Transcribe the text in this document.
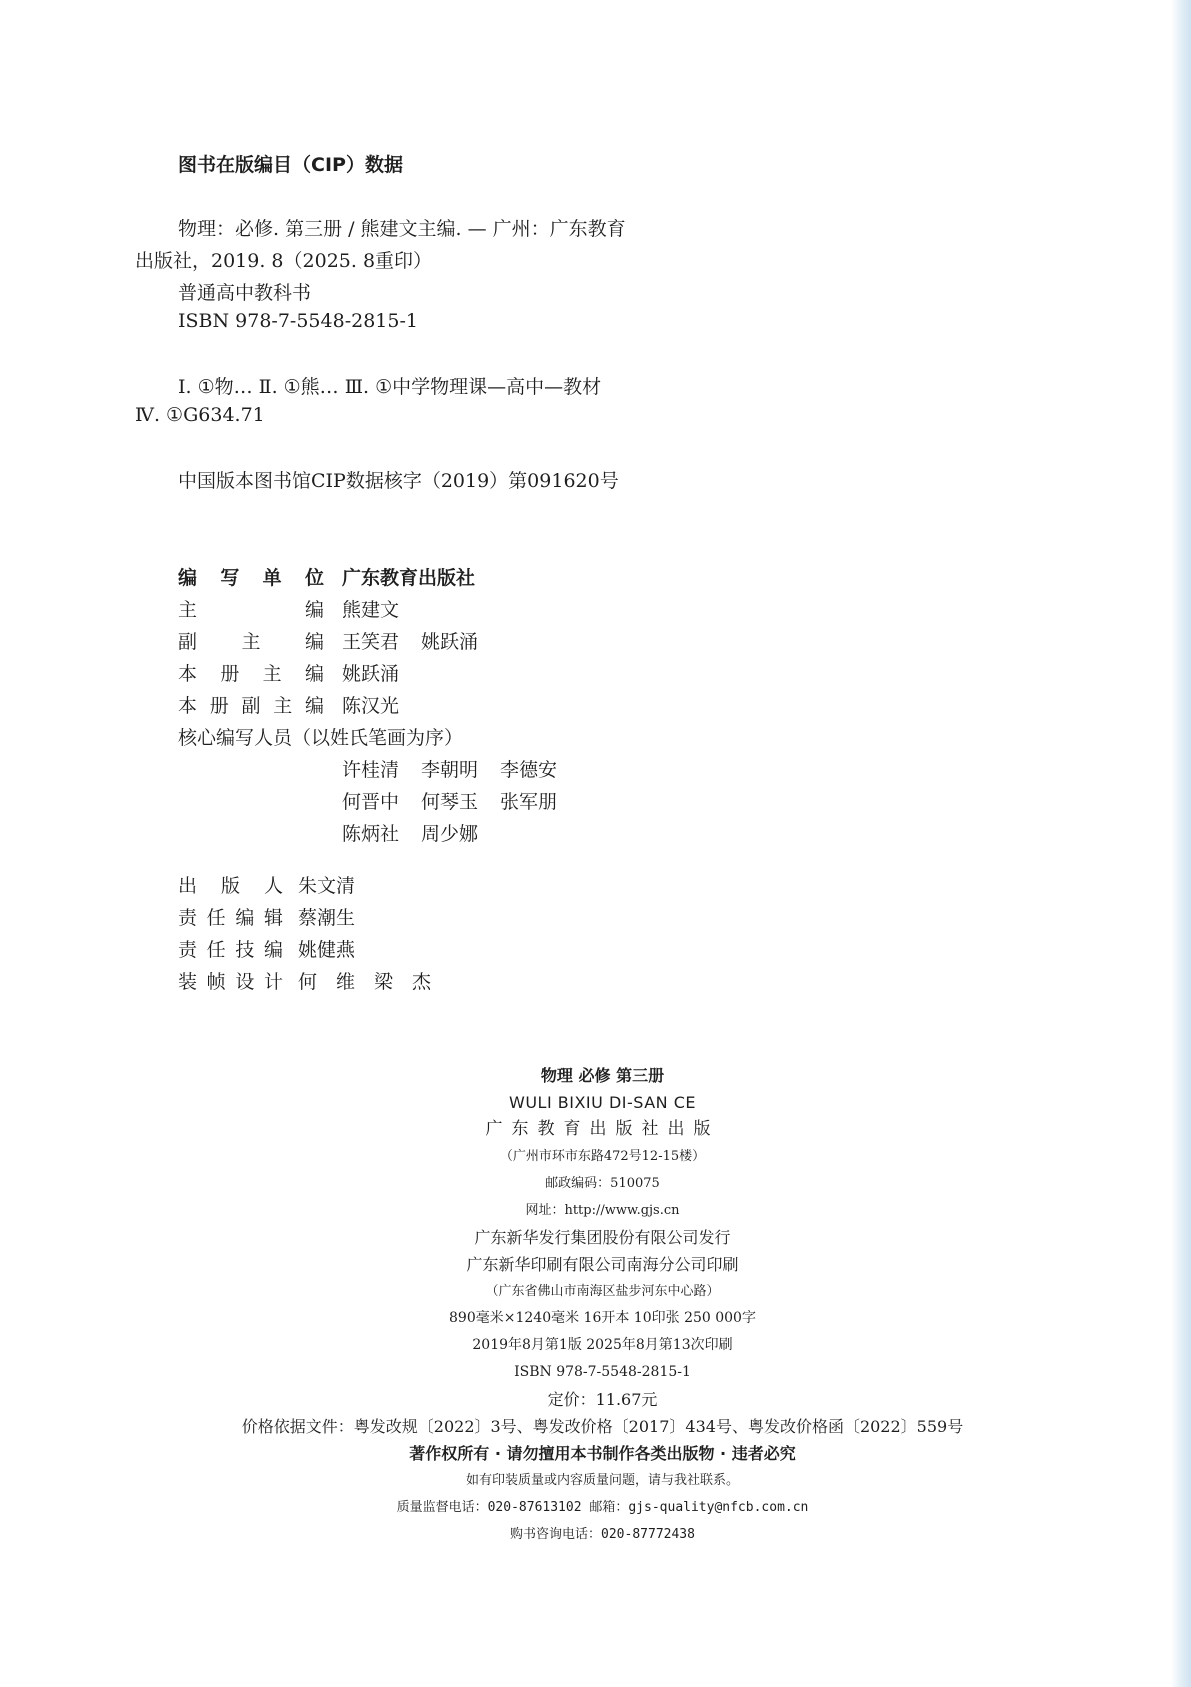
图书在版编目（CIP）数据
物理：必修. 第三册 / 熊建文主编. — 广州：广东教育
出版社，2019. 8（2025. 8重印）
普通高中教科书
ISBN 978-7-5548-2815-1
Ⅰ. ①物… Ⅱ. ①熊… Ⅲ. ①中学物理课—高中—教材
Ⅳ. ①G634.71
中国版本图书馆CIP数据核字（2019）第091620号
编 写 单 位 广东教育出版社
主	编 熊建文
副 主 编 王笑君 姚跃涌
本 册 主 编 姚跃涌
本 册 副 主 编 陈汉光
核心编写人员（以姓氏笔画为序）
许桂清 李朝明 李德安
何晋中 何琴玉 张军朋
陈炳社 周少娜
出 版 人 朱文清
责 任 编 辑 蔡潮生
责 任 技 编 姚健燕
装 帧 设 计 何　维　梁　杰
物理 必修 第三册
WULI BIXIU DI-SAN CE
广东教育出版社出版
（广州市环市东路472号12-15楼）
邮政编码：510075
网址：http://www.gjs.cn
广东新华发行集团股份有限公司发行
广东新华印刷有限公司南海分公司印刷
（广东省佛山市南海区盐步河东中心路）
890毫米×1240毫米 16开本 10印张 250 000字
2019年8月第1版 2025年8月第13次印刷
ISBN 978-7-5548-2815-1
定价：11.67元
价格依据文件：粤发改规〔2022〕3号、粤发改价格〔2017〕434号、粤发改价格函〔2022〕559号
著作权所有 · 请勿擅用本书制作各类出版物 · 违者必究
如有印装质量或内容质量问题，请与我社联系。
质量监督电话：020-87613102 邮箱：gjs-quality@nfcb.com.cn
购书咨询电话：020-87772438
